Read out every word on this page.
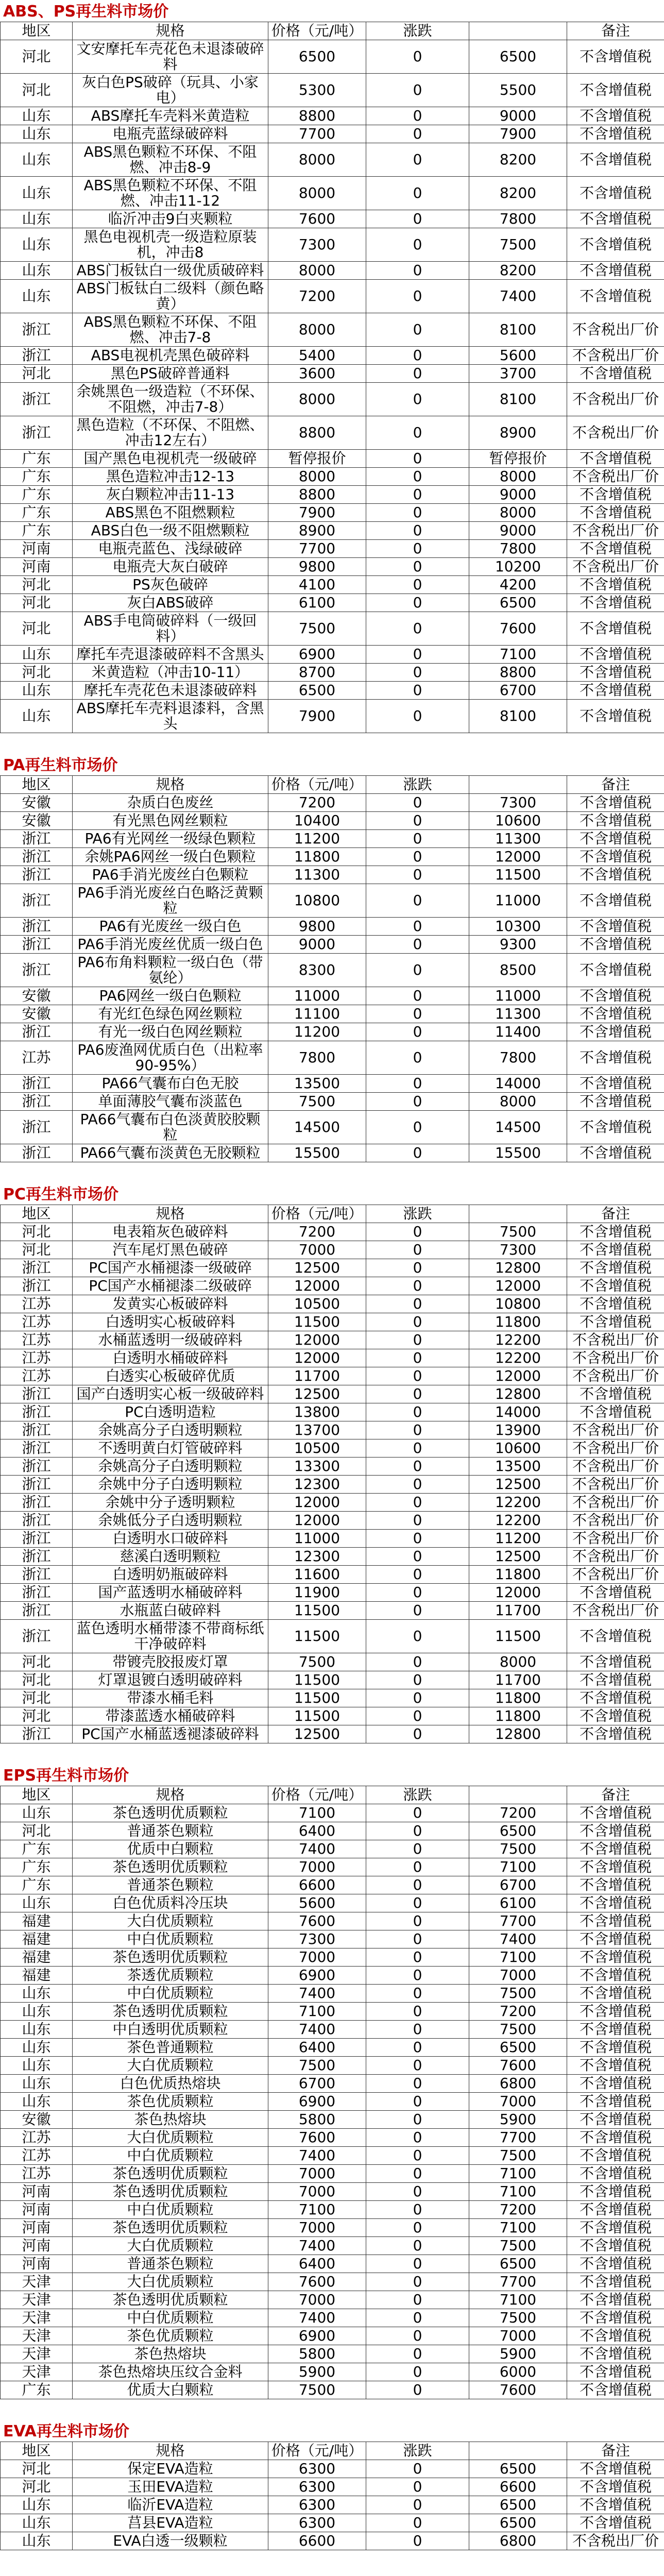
ABS、PS再生料市场价
地区	规格	价格（元/吨）	涨跌		备注
河北	文安摩托车壳花色未退漆破碎料	6500	0	6500	不含增值税
河北	灰白色PS破碎（玩具、小家电）	5300	0	5500	不含增值税
山东	ABS摩托车壳料米黄造粒	8800	0	9000	不含增值税
山东	电瓶壳蓝绿破碎料	7700	0	7900	不含增值税
山东	ABS黑色颗粒不环保、不阻燃、冲击8-9	8000	0	8200	不含增值税
山东	ABS黑色颗粒不环保、不阻燃、冲击11-12	8000	0	8200	不含增值税
山东	临沂冲击9白夹颗粒	7600	0	7800	不含增值税
山东	黑色电视机壳一级造粒原装机，冲击8	7300	0	7500	不含增值税
山东	ABS门板钛白一级优质破碎料	8000	0	8200	不含增值税
山东	ABS门板钛白二级料（颜色略黄）	7200	0	7400	不含增值税
浙江	ABS黑色颗粒不环保、不阻燃、冲击7-8	8000	0	8100	不含税出厂价
浙江	ABS电视机壳黑色破碎料	5400	0	5600	不含税出厂价
河北	黑色PS破碎普通料	3600	0	3700	不含增值税
浙江	余姚黑色一级造粒（不环保、不阻燃，冲击7-8）	8000	0	8100	不含税出厂价
浙江	黑色造粒（不环保、不阻燃、冲击12左右）	8800	0	8900	不含税出厂价
广东	国产黑色电视机壳一级破碎	暂停报价	0	暂停报价	不含增值税
广东	黑色造粒冲击12-13	8000	0	8000	不含税出厂价
广东	灰白颗粒冲击11-13	8800	0	9000	不含增值税
广东	ABS黑色不阻燃颗粒	7900	0	8000	不含增值税
广东	ABS白色一级不阻燃颗粒	8900	0	9000	不含税出厂价
河南	电瓶壳蓝色、浅绿破碎	7700	0	7800	不含增值税
河南	电瓶壳大灰白破碎	9800	0	10200	不含税出厂价
河北	PS灰色破碎	4100	0	4200	不含增值税
河北	灰白ABS破碎	6100	0	6500	不含增值税
河北	ABS手电筒破碎料（一级回料）	7500	0	7600	不含增值税
山东	摩托车壳退漆破碎料不含黑头	6900	0	7100	不含增值税
河北	米黄造粒（冲击10-11）	8700	0	8800	不含增值税
山东	摩托车壳花色未退漆破碎料	6500	0	6700	不含增值税
山东	ABS摩托车壳料退漆料，含黑头	7900	0	8100	不含增值税
PA再生料市场价
地区	规格	价格（元/吨）	涨跌		备注
安徽	杂质白色废丝	7200	0	7300	不含增值税
安徽	有光黑色网丝颗粒	10400	0	10600	不含增值税
浙江	PA6有光网丝一级绿色颗粒	11200	0	11300	不含增值税
浙江	余姚PA6网丝一级白色颗粒	11800	0	12000	不含增值税
浙江	PA6手消光废丝白色颗粒	11300	0	11500	不含增值税
浙江	PA6手消光废丝白色略泛黄颗粒	10800	0	11000	不含增值税
浙江	PA6有光废丝一级白色	9800	0	10300	不含增值税
浙江	PA6手消光废丝优质一级白色	9000	0	9300	不含增值税
浙江	PA6布角料颗粒一级白色（带氨纶）	8300	0	8500	不含增值税
安徽	PA6网丝一级白色颗粒	11000	0	11000	不含增值税
安徽	有光红色绿色网丝颗粒	11100	0	11300	不含增值税
浙江	有光一级白色网丝颗粒	11200	0	11400	不含增值税
江苏	PA6废渔网优质白色（出粒率90-95%）	7800	0	7800	不含增值税
浙江	PA66气囊布白色无胶	13500	0	14000	不含增值税
浙江	单面薄胶气囊布淡蓝色	7500	0	8000	不含增值税
浙江	PA66气囊布白色淡黄胶胶颗粒	14500	0	14500	不含增值税
浙江	PA66气囊布淡黄色无胶颗粒	15500	0	15500	不含增值税
PC再生料市场价
地区	规格	价格（元/吨）	涨跌		备注
河北	电表箱灰色破碎料	7200	0	7500	不含增值税
河北	汽车尾灯黑色破碎	7000	0	7300	不含增值税
浙江	PC国产水桶褪漆一级破碎	12500	0	12800	不含增值税
浙江	PC国产水桶褪漆二级破碎	12000	0	12000	不含增值税
江苏	发黄实心板破碎料	10500	0	10800	不含增值税
江苏	白透明实心板破碎料	11500	0	11800	不含增值税
江苏	水桶蓝透明一级破碎料	12000	0	12200	不含税出厂价
江苏	白透明水桶破碎料	12000	0	12200	不含税出厂价
江苏	白透实心板破碎优质	11700	0	12000	不含税出厂价
浙江	国产白透明实心板一级破碎料	12500	0	12800	不含增值税
浙江	PC白透明造粒	13800	0	14000	不含增值税
浙江	余姚高分子白透明颗粒	13700	0	13900	不含税出厂价
浙江	不透明黄白灯管破碎料	10500	0	10600	不含税出厂价
浙江	余姚高分子白透明颗粒	13300	0	13500	不含税出厂价
浙江	余姚中分子白透明颗粒	12300	0	12500	不含税出厂价
浙江	余姚中分子透明颗粒	12000	0	12200	不含税出厂价
浙江	余姚低分子白透明颗粒	12000	0	12200	不含税出厂价
浙江	白透明水口破碎料	11000	0	11200	不含税出厂价
浙江	慈溪白透明颗粒	12300	0	12500	不含税出厂价
浙江	白透明奶瓶破碎料	11600	0	11800	不含税出厂价
浙江	国产蓝透明水桶破碎料	11900	0	12000	不含增值税
浙江	水瓶蓝白破碎料	11500	0	11700	不含税出厂价
浙江	蓝色透明水桶带漆不带商标纸干净破碎料	11500	0	11500	不含增值税
河北	带镀壳胶报废灯罩	7500	0	8000	不含增值税
河北	灯罩退镀白透明破碎料	11500	0	11700	不含增值税
河北	带漆水桶毛料	11500	0	11800	不含增值税
河北	带漆蓝透水桶破碎料	11500	0	11800	不含增值税
浙江	PC国产水桶蓝透褪漆破碎料	12500	0	12800	不含增值税
EPS再生料市场价
地区	规格	价格（元/吨）	涨跌		备注
山东	茶色透明优质颗粒	7100	0	7200	不含增值税
河北	普通茶色颗粒	6400	0	6500	不含增值税
广东	优质中白颗粒	7400	0	7500	不含增值税
广东	茶色透明优质颗粒	7000	0	7100	不含增值税
广东	普通茶色颗粒	6600	0	6700	不含增值税
山东	白色优质料冷压块	5600	0	6100	不含增值税
福建	大白优质颗粒	7600	0	7700	不含增值税
福建	中白优质颗粒	7300	0	7400	不含增值税
福建	茶色透明优质颗粒	7000	0	7100	不含增值税
福建	茶透优质颗粒	6900	0	7000	不含增值税
山东	中白优质颗粒	7400	0	7500	不含增值税
山东	茶色透明优质颗粒	7100	0	7200	不含增值税
山东	中白透明优质颗粒	7400	0	7500	不含增值税
山东	茶色普通颗粒	6400	0	6500	不含增值税
山东	大白优质颗粒	7500	0	7600	不含增值税
山东	白色优质热熔块	6700	0	6800	不含增值税
山东	茶色优质颗粒	6900	0	7000	不含增值税
安徽	茶色热熔块	5800	0	5900	不含增值税
江苏	大白优质颗粒	7600	0	7700	不含增值税
江苏	中白优质颗粒	7400	0	7500	不含增值税
江苏	茶色透明优质颗粒	7000	0	7100	不含增值税
河南	茶色透明优质颗粒	7000	0	7100	不含增值税
河南	中白优质颗粒	7100	0	7200	不含增值税
河南	茶色透明优质颗粒	7000	0	7100	不含增值税
河南	大白优质颗粒	7400	0	7500	不含增值税
河南	普通茶色颗粒	6400	0	6500	不含增值税
天津	大白优质颗粒	7600	0	7700	不含增值税
天津	茶色透明优质颗粒	7000	0	7100	不含增值税
天津	中白优质颗粒	7400	0	7500	不含增值税
天津	茶色优质颗粒	6900	0	7000	不含增值税
天津	茶色热熔块	5800	0	5900	不含增值税
天津	茶色热熔块压纹合金料	5900	0	6000	不含增值税
广东	优质大白颗粒	7500	0	7600	不含增值税
EVA再生料市场价
地区	规格	价格（元/吨）	涨跌		备注
河北	保定EVA造粒	6300	0	6500	不含增值税
河北	玉田EVA造粒	6300	0	6600	不含增值税
山东	临沂EVA造粒	6300	0	6500	不含增值税
山东	莒县EVA造粒	6300	0	6500	不含增值税
山东	EVA白透一级颗粒	6600	0	6800	不含税出厂价
